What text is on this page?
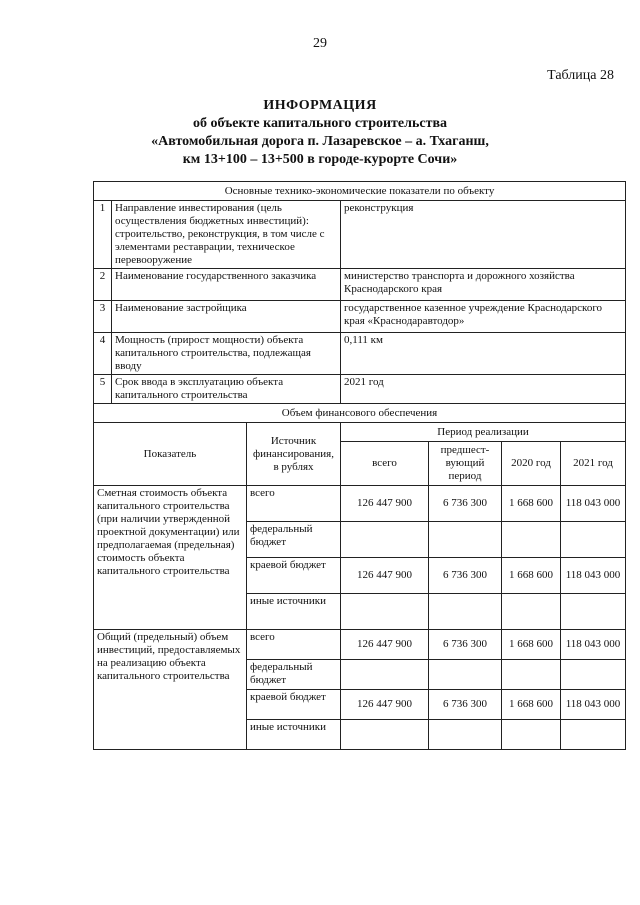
29
Таблица 28
ИНФОРМАЦИЯ
об объекте капитального строительства
«Автомобильная дорога п. Лазаревское – а. Тхаганш,
км 13+100 – 13+500 в городе-курорте Сочи»
Основные технико-экономические показатели по объекту						
1	Направление инвестирования (цель осуществления бюджетных инвестиций): строительство, реконструкция, в том числе с элементами реставрации, техническое перевооружение		реконструкция			
2	Наименование государственного заказчика		министерство транспорта и дорожного хозяйства Краснодарского края			
3	Наименование застройщика		государственное казенное учреждение Краснодарского края «Краснодаравтодор»			
4	Мощность (прирост мощности) объекта капитального строительства, подлежащая вводу		0,111 км			
5	Срок ввода в эксплуатацию объекта капитального строительства		2021 год			
Объем финансового обеспечения						
Показатель		Источник финансирования, в рублях	Период реализации			
			всего	предшест-вующий период	2020 год	2021 год
Сметная стоимость объекта капитального строительства (при наличии утвержденной проектной документации) или предполагаемая (предельная) стоимость объекта капитального строительства		всего	126 447 900	6 736 300	1 668 600	118 043 000
		федеральный бюджет				
		краевой бюджет	126 447 900	6 736 300	1 668 600	118 043 000
		иные источники				
Общий (предельный) объем инвестиций, предоставляемых на реализацию объекта капитального строительства		всего	126 447 900	6 736 300	1 668 600	118 043 000
		федеральный бюджет				
		краевой бюджет	126 447 900	6 736 300	1 668 600	118 043 000
		иные источники				
